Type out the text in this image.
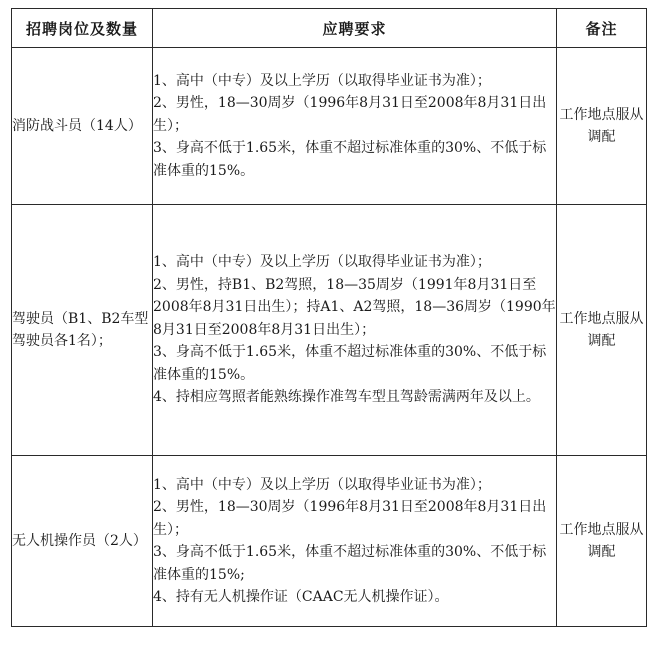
招聘岗位及数量	应聘要求	备注
消防战斗员（14人）	1、高中（中专）及以上学历（以取得毕业证书为准）；
2、男性，18—30周岁（1996年8月31日至2008年8月31日出生）；
3、身高不低于1.65米，体重不超过标准体重的30%、不低于标准体重的15%。	工作地点服从调配
驾驶员（B1、B2车型驾驶员各1名）；	1、高中（中专）及以上学历（以取得毕业证书为准）；
2、男性，持B1、B2驾照，18—35周岁（1991年8月31日至2008年8月31日出生）；持A1、A2驾照，18—36周岁（1990年8月31日至2008年8月31日出生）；
3、身高不低于1.65米，体重不超过标准体重的30%、不低于标准体重的15%。
4、持相应驾照者能熟练操作准驾车型且驾龄需满两年及以上。	工作地点服从调配
无人机操作员（2人）	1、高中（中专）及以上学历（以取得毕业证书为准）；
2、男性，18—30周岁（1996年8月31日至2008年8月31日出生）；
3、身高不低于1.65米，体重不超过标准体重的30%、不低于标准体重的15%;
4、持有无人机操作证（CAAC无人机操作证）。	工作地点服从调配
